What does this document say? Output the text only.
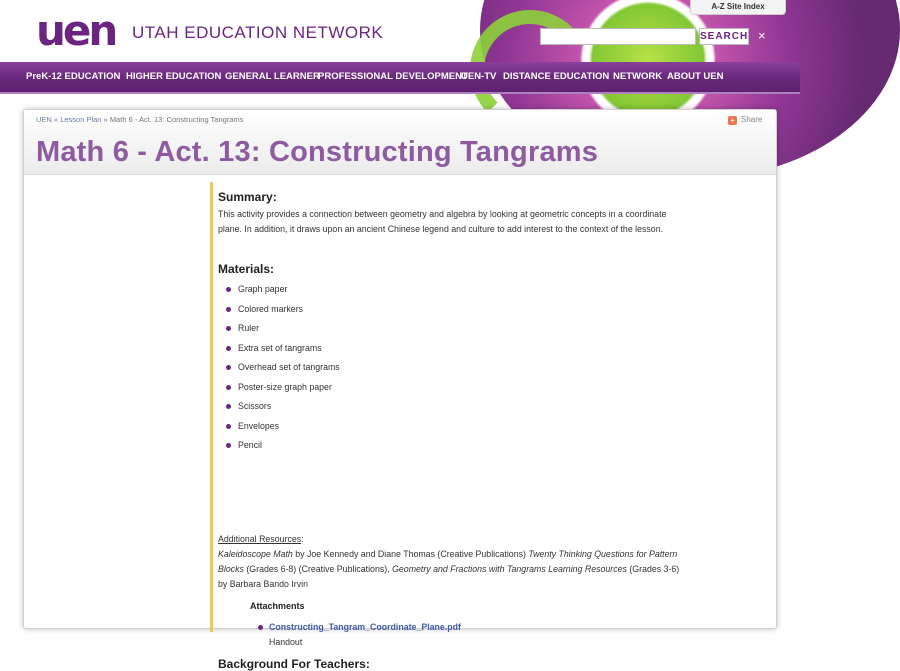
uen UTAH EDUCATION NETWORK
A-Z Site Index
SEARCH ×
PreK-12 EDUCATION HIGHER EDUCATION GENERAL LEARNER
PROFESSIONAL DEVELOPMENT
UEN-TV DISTANCE EDUCATION NETWORK ABOUT UEN
UEN » Lesson Plan » Math 6 - Act. 13: Constructing Tangrams	+ Share
Math 6 - Act. 13: Constructing Tangrams
Summary:

This activity provides a connection between geometry and algebra by looking at geometric concepts in a coordinate plane. In addition, it draws upon an ancient Chinese legend and culture to add interest to the context of the lesson.

Materials:
Graph paper
Colored markers
Ruler
Extra set of tangrams
Overhead set of tangrams
Poster-size graph paper
Scissors
Envelopes
Pencil
Additional Resources:
Kaleidoscope Math by Joe Kennedy and Diane Thomas (Creative Publications) Twenty Thinking Questions for Pattern Blocks (Grades 6-8) (Creative Publications), Geometry and Fractions with Tangrams Learning Resources (Grades 3-6) by Barbara Bando Irvin
Attachments
Constructing_Tangram_Coordinate_Plane.pdf
Handout
Background For Teachers:
